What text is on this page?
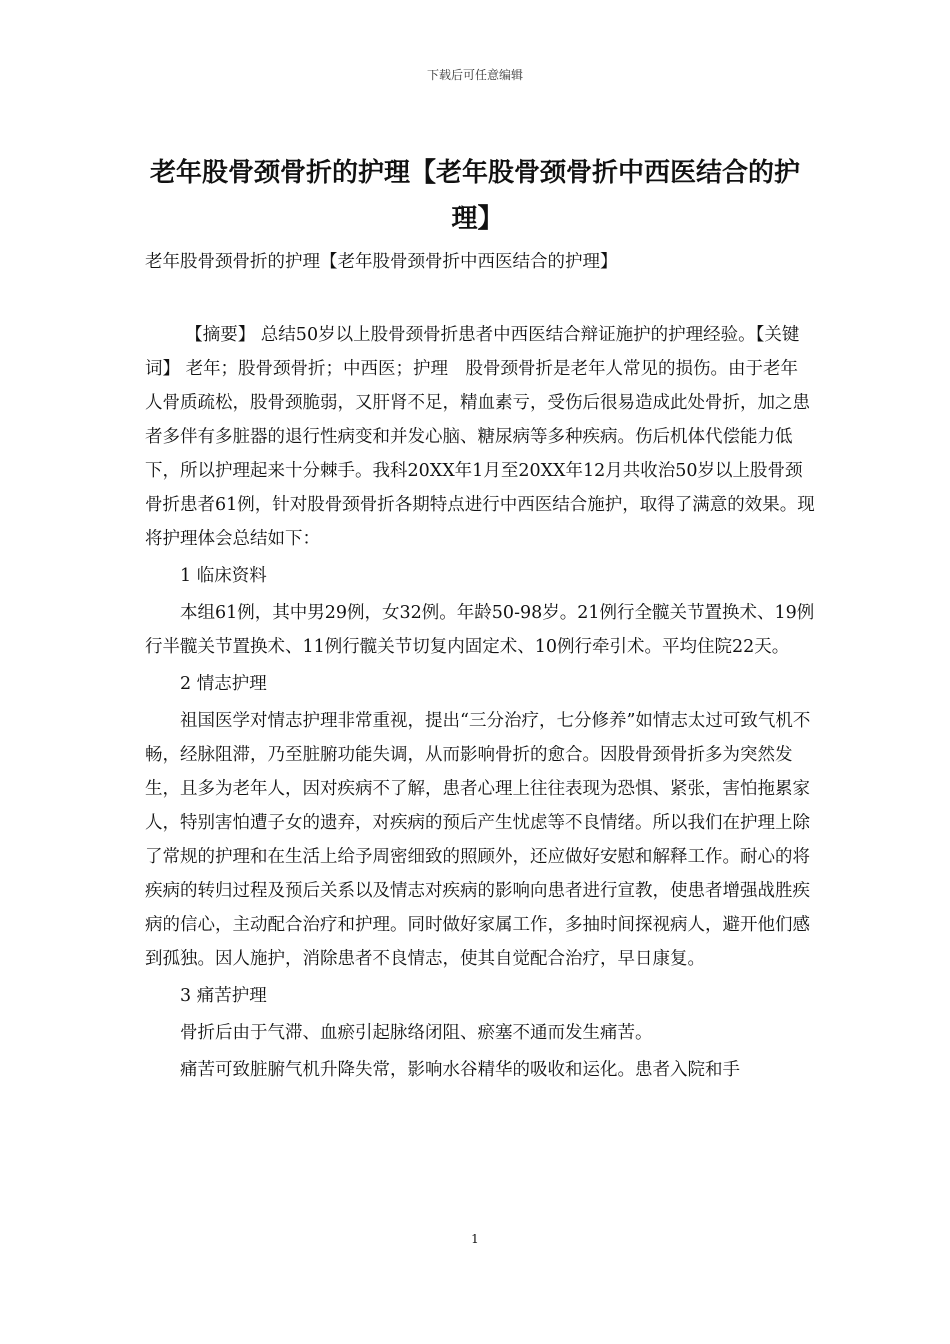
下载后可任意编辑
老年股骨颈骨折的护理【老年股骨颈骨折中西医结合的护
理】
老年股骨颈骨折的护理【老年股骨颈骨折中西医结合的护理】

【摘要】 总结50岁以上股骨颈骨折患者中西医结合辩证施护的护理经验。【关键词】 老年；股骨颈骨折；中西医；护理　股骨颈骨折是老年人常见的损伤。由于老年人骨质疏松，股骨颈脆弱，又肝肾不足，精血素亏，受伤后很易造成此处骨折，加之患者多伴有多脏器的退行性病变和并发心脑、糖尿病等多种疾病。伤后机体代偿能力低下，所以护理起来十分棘手。我科20XX年1月至20XX年12月共收治50岁以上股骨颈骨折患者61例，针对股骨颈骨折各期特点进行中西医结合施护，取得了满意的效果。现将护理体会总结如下：

1 临床资料

本组61例，其中男29例，女32例。年龄50-98岁。21例行全髋关节置换术、19例行半髋关节置换术、11例行髋关节切复内固定术、10例行牵引术。平均住院22天。

2 情志护理

祖国医学对情志护理非常重视，提出“三分治疗，七分修养”如情志太过可致气机不畅，经脉阻滞，乃至脏腑功能失调，从而影响骨折的愈合。因股骨颈骨折多为突然发生，且多为老年人，因对疾病不了解，患者心理上往往表现为恐惧、紧张，害怕拖累家人，特别害怕遭子女的遗弃，对疾病的预后产生忧虑等不良情绪。所以我们在护理上除了常规的护理和在生活上给予周密细致的照顾外，还应做好安慰和解释工作。耐心的将疾病的转归过程及预后关系以及情志对疾病的影响向患者进行宣教，使患者增强战胜疾病的信心，主动配合治疗和护理。同时做好家属工作，多抽时间探视病人，避开他们感到孤独。因人施护，消除患者不良情志，使其自觉配合治疗，早日康复。

3 痛苦护理

骨折后由于气滞、血瘀引起脉络闭阻、瘀塞不通而发生痛苦。

痛苦可致脏腑气机升降失常，影响水谷精华的吸收和运化。患者入院和手

1
